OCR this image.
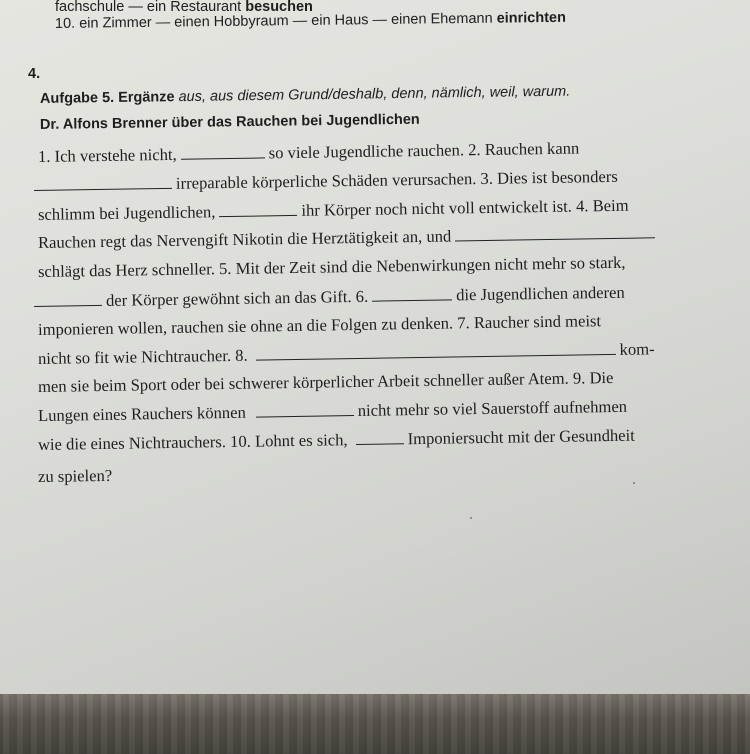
fachschule — ein Restaurant besuchen
10. ein Zimmer — einen Hobbyraum — ein Haus — einen Ehemann einrichten
4.
Aufgabe 5. Ergänze aus, aus diesem Grund/deshalb, denn, nämlich, weil, warum.
Dr. Alfons Brenner über das Rauchen bei Jugendlichen
1. Ich verstehe nicht,	so viele Jugendliche rauchen. 2. Rauchen kann
irreparable körperliche Schäden verursachen. 3. Dies ist besonders
schlimm bei Jugendlichen,	ihr Körper noch nicht voll entwickelt ist. 4. Beim
Rauchen regt das Nervengift Nikotin die Herztätigkeit an, und
schlägt das Herz schneller. 5. Mit der Zeit sind die Nebenwirkungen nicht mehr so stark,
der Körper gewöhnt sich an das Gift. 6.	die Jugendlichen anderen
imponieren wollen, rauchen sie ohne an die Folgen zu denken. 7. Raucher sind meist
nicht so fit wie Nichtraucher. 8.	kom-
men sie beim Sport oder bei schwerer körperlicher Arbeit schneller außer Atem. 9. Die
Lungen eines Rauchers können	nicht mehr so viel Sauerstoff aufnehmen
wie die eines Nichtrauchers. 10. Lohnt es sich,	Imponiersucht mit der Gesundheit
zu spielen?
